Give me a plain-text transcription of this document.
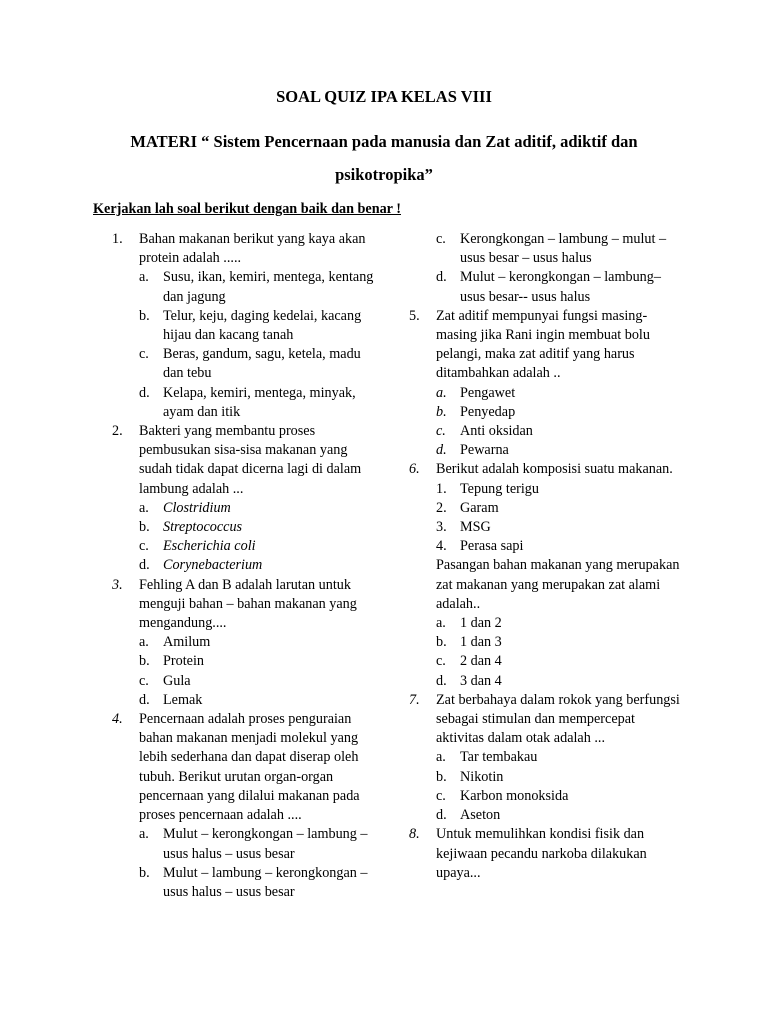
SOAL QUIZ IPA KELAS VIII
MATERI “ Sistem Pencernaan pada manusia dan Zat aditif, adiktif dan psikotropika”
Kerjakan lah soal berikut dengan baik dan benar !
1. Bahan makanan berikut yang kaya akan protein adalah .....
a. Susu, ikan, kemiri, mentega, kentang dan jagung
b. Telur, keju, daging kedelai, kacang hijau dan kacang tanah
c. Beras, gandum, sagu, ketela, madu dan tebu
d. Kelapa, kemiri, mentega, minyak, ayam dan itik
2. Bakteri yang membantu proses pembusukan sisa-sisa makanan yang sudah tidak dapat dicerna lagi di dalam lambung adalah ...
a. Clostridium
b. Streptococcus
c. Escherichia coli
d. Corynebacterium
3. Fehling A dan B adalah larutan untuk menguji bahan – bahan makanan yang mengandung....
a. Amilum
b. Protein
c. Gula
d. Lemak
4. Pencernaan adalah proses penguraian bahan makanan menjadi molekul yang lebih sederhana dan dapat diserap oleh tubuh. Berikut urutan organ-organ pencernaan yang dilalui makanan pada proses pencernaan adalah ....
a. Mulut – kerongkongan – lambung – usus halus – usus besar
b. Mulut – lambung – kerongkongan – usus halus – usus besar
c. Kerongkongan – lambung – mulut – usus besar – usus halus
d. Mulut – kerongkongan – lambung– usus besar-- usus halus
5. Zat aditif mempunyai fungsi masing-masing jika Rani ingin membuat bolu pelangi, maka zat aditif yang harus ditambahkan adalah ..
a. Pengawet
b. Penyedap
c. Anti oksidan
d. Pewarna
6. Berikut adalah komposisi suatu makanan.
1. Tepung terigu
2. Garam
3. MSG
4. Perasa sapi
Pasangan bahan makanan yang merupakan zat makanan yang merupakan zat alami adalah..
a. 1 dan 2
b. 1 dan 3
c. 2 dan 4
d. 3 dan 4
7. Zat berbahaya dalam rokok yang berfungsi sebagai stimulan dan mempercepat aktivitas dalam otak adalah ...
a. Tar tembakau
b. Nikotin
c. Karbon monoksida
d. Aseton
8. Untuk memulihkan kondisi fisik dan kejiwaan pecandu narkoba dilakukan upaya...
